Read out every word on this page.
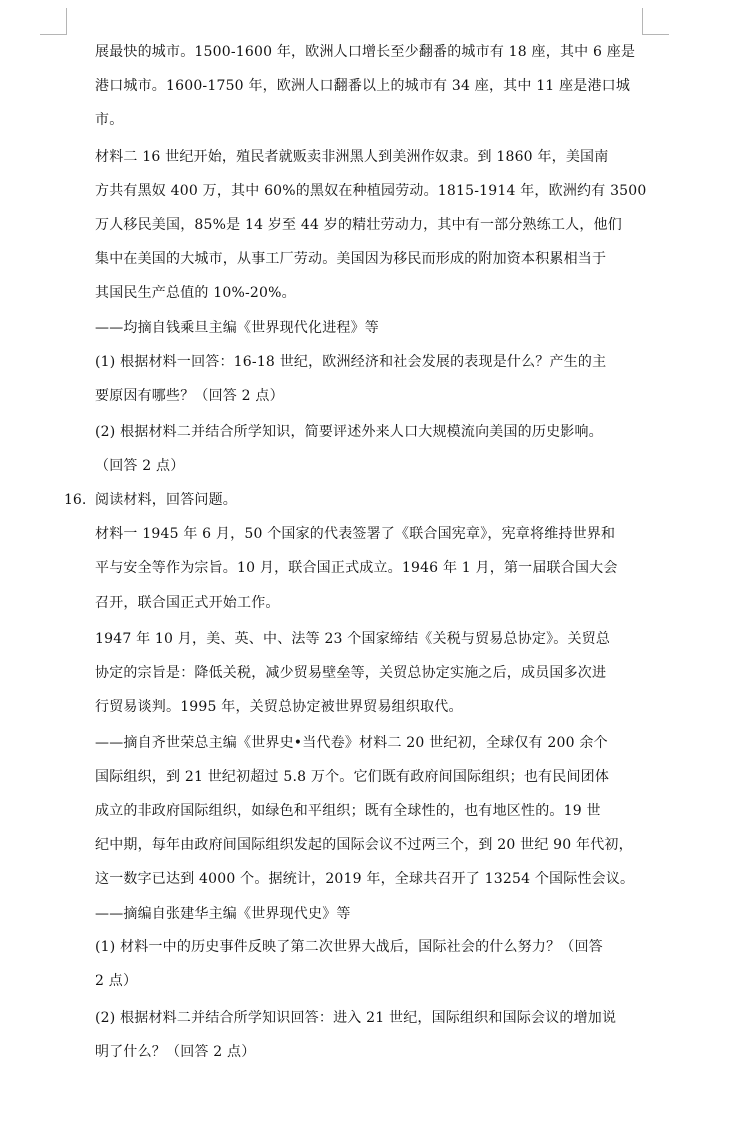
展最快的城市。1500-1600 年，欧洲人口增长至少翻番的城市有 18 座，其中 6 座是
港口城市。1600-1750 年，欧洲人口翻番以上的城市有 34 座，其中 11 座是港口城
市。
材料二 16 世纪开始，殖民者就贩卖非洲黑人到美洲作奴隶。到 1860 年，美国南
方共有黑奴 400 万，其中 60%的黑奴在种植园劳动。1815-1914 年，欧洲约有 3500
万人移民美国，85%是 14 岁至 44 岁的精壮劳动力，其中有一部分熟练工人，他们
集中在美国的大城市，从事工厂劳动。美国因为移民而形成的附加资本积累相当于
其国民生产总值的 10%-20%。
——均摘自钱乘旦主编《世界现代化进程》等
(1) 根据材料一回答：16-18 世纪，欧洲经济和社会发展的表现是什么？产生的主
要原因有哪些？（回答 2 点）
(2) 根据材料二并结合所学知识，简要评述外来人口大规模流向美国的历史影响。
（回答 2 点）
16. 阅读材料，回答问题。
材料一 1945 年 6 月，50 个国家的代表签署了《联合国宪章》，宪章将维持世界和
平与安全等作为宗旨。10 月，联合国正式成立。1946 年 1 月，第一届联合国大会
召开，联合国正式开始工作。
1947 年 10 月，美、英、中、法等 23 个国家缔结《关税与贸易总协定》。关贸总
协定的宗旨是：降低关税，减少贸易壁垒等，关贸总协定实施之后，成员国多次进
行贸易谈判。1995 年，关贸总协定被世界贸易组织取代。
——摘自齐世荣总主编《世界史•当代卷》材料二 20 世纪初，全球仅有 200 余个
国际组织，到 21 世纪初超过 5.8 万个。它们既有政府间国际组织；也有民间团体
成立的非政府国际组织，如绿色和平组织；既有全球性的，也有地区性的。19 世
纪中期，每年由政府间国际组织发起的国际会议不过两三个，到 20 世纪 90 年代初，
这一数字已达到 4000 个。据统计，2019 年，全球共召开了 13254 个国际性会议。
——摘编自张建华主编《世界现代史》等
(1) 材料一中的历史事件反映了第二次世界大战后，国际社会的什么努力？（回答
2 点）
(2) 根据材料二并结合所学知识回答：进入 21 世纪，国际组织和国际会议的增加说
明了什么？（回答 2 点）
